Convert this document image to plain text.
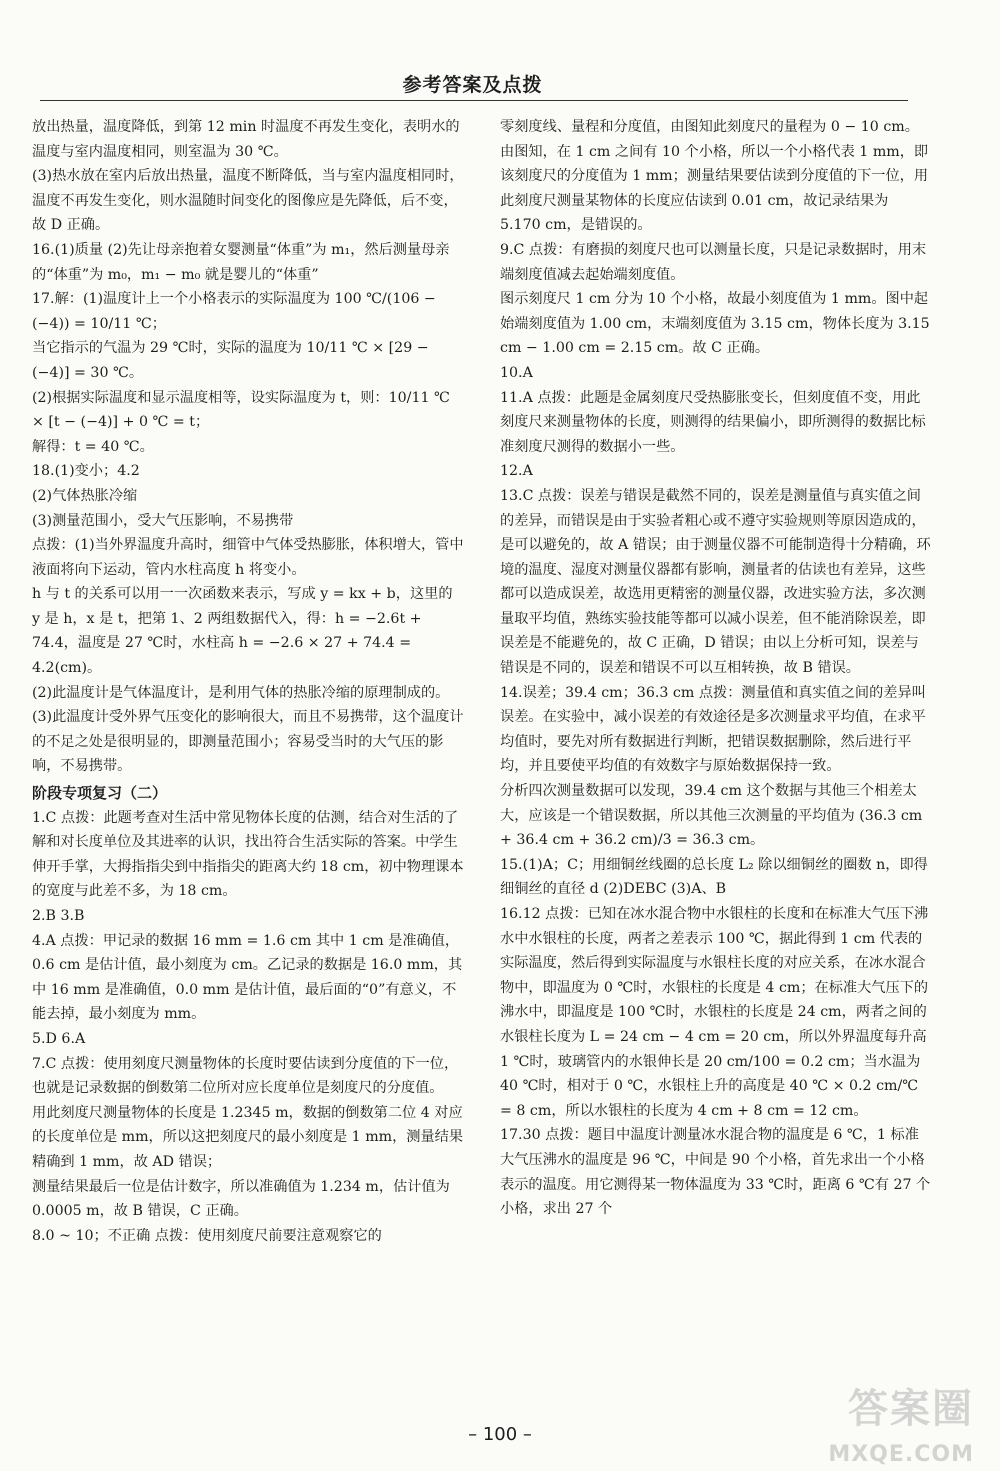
参考答案及点拨

放出热量，温度降低，到第 12 min 时温度不再发生变化，表明水的温度与室内温度相同，则室温为 30 ℃。

(3)热水放在室内后放出热量，温度不断降低，当与室内温度相同时，温度不再发生变化，则水温随时间变化的图像应是先降低，后不变，故 D 正确。

16.(1)质量 (2)先让母亲抱着女婴测量“体重”为 m₁，然后测量母亲的“体重”为 m₀，m₁ − m₀ 就是婴儿的“体重”

17.解：(1)温度计上一个小格表示的实际温度为 100 ℃/(106 − (−4)) = 10/11 ℃；

当它指示的气温为 29 ℃时，实际的温度为 10/11 ℃ × [29 − (−4)] = 30 ℃。

(2)根据实际温度和显示温度相等，设实际温度为 t，则：10/11 ℃ × [t − (−4)] + 0 ℃ = t；

解得：t = 40 ℃。

18.(1)变小；4.2

(2)气体热胀冷缩

(3)测量范围小，受大气压影响，不易携带

点拨：(1)当外界温度升高时，细管中气体受热膨胀，体积增大，管中液面将向下运动，管内水柱高度 h 将变小。

h 与 t 的关系可以用一一次函数来表示，写成 y = kx + b，这里的 y 是 h，x 是 t，把第 1、2 两组数据代入，得：h = −2.6t + 74.4，温度是 27 ℃时，水柱高 h = −2.6 × 27 + 74.4 = 4.2(cm)。

(2)此温度计是气体温度计，是利用气体的热胀冷缩的原理制成的。

(3)此温度计受外界气压变化的影响很大，而且不易携带，这个温度计的不足之处是很明显的，即测量范围小；容易受当时的大气压的影响，不易携带。

阶段专项复习（二）

1.C 点拨：此题考查对生活中常见物体长度的估测，结合对生活的了解和对长度单位及其进率的认识，找出符合生活实际的答案。中学生伸开手掌，大拇指指尖到中指指尖的距离大约 18 cm，初中物理课本的宽度与此差不多，为 18 cm。

2.B 3.B

4.A 点拨：甲记录的数据 16 mm = 1.6 cm 其中 1 cm 是准确值，0.6 cm 是估计值，最小刻度为 cm。乙记录的数据是 16.0 mm，其中 16 mm 是准确值，0.0 mm 是估计值，最后面的“0”有意义，不能去掉，最小刻度为 mm。

5.D 6.A

7.C 点拨：使用刻度尺测量物体的长度时要估读到分度值的下一位，也就是记录数据的倒数第二位所对应长度单位是刻度尺的分度值。

用此刻度尺测量物体的长度是 1.2345 m，数据的倒数第二位 4 对应的长度单位是 mm，所以这把刻度尺的最小刻度是 1 mm，测量结果精确到 1 mm，故 AD 错误；

测量结果最后一位是估计数字，所以准确值为 1.234 m，估计值为 0.0005 m，故 B 错误，C 正确。

8.0 ~ 10；不正确 点拨：使用刻度尺前要注意观察它的

零刻度线、量程和分度值，由图知此刻度尺的量程为 0 − 10 cm。由图知，在 1 cm 之间有 10 个小格，所以一个小格代表 1 mm，即该刻度尺的分度值为 1 mm；测量结果要估读到分度值的下一位，用此刻度尺测量某物体的长度应估读到 0.01 cm，故记录结果为 5.170 cm，是错误的。

9.C 点拨：有磨损的刻度尺也可以测量长度，只是记录数据时，用末端刻度值减去起始端刻度值。

图示刻度尺 1 cm 分为 10 个小格，故最小刻度值为 1 mm。图中起始端刻度值为 1.00 cm，末端刻度值为 3.15 cm，物体长度为 3.15 cm − 1.00 cm = 2.15 cm。故 C 正确。

10.A

11.A 点拨：此题是金属刻度尺受热膨胀变长，但刻度值不变，用此刻度尺来测量物体的长度，则测得的结果偏小，即所测得的数据比标准刻度尺测得的数据小一些。

12.A

13.C 点拨：误差与错误是截然不同的，误差是测量值与真实值之间的差异，而错误是由于实验者粗心或不遵守实验规则等原因造成的，是可以避免的，故 A 错误；由于测量仪器不可能制造得十分精确，环境的温度、湿度对测量仪器都有影响，测量者的估读也有差异，这些都可以造成误差，故选用更精密的测量仪器，改进实验方法，多次测量取平均值，熟练实验技能等都可以减小误差，但不能消除误差，即误差是不能避免的，故 C 正确，D 错误；由以上分析可知，误差与错误是不同的，误差和错误不可以互相转换，故 B 错误。

14.误差；39.4 cm；36.3 cm 点拨：测量值和真实值之间的差异叫误差。在实验中，减小误差的有效途径是多次测量求平均值，在求平均值时，要先对所有数据进行判断，把错误数据删除，然后进行平均，并且要使平均值的有效数字与原始数据保持一致。

分析四次测量数据可以发现，39.4 cm 这个数据与其他三个相差太大，应该是一个错误数据，所以其他三次测量的平均值为 (36.3 cm + 36.4 cm + 36.2 cm)/3 = 36.3 cm。

15.(1)A；C；用细铜丝线圈的总长度 L₂ 除以细铜丝的圈数 n，即得细铜丝的直径 d (2)DEBC (3)A、B

16.12 点拨：已知在冰水混合物中水银柱的长度和在标准大气压下沸水中水银柱的长度，两者之差表示 100 ℃，据此得到 1 cm 代表的实际温度，然后得到实际温度与水银柱长度的对应关系，在冰水混合物中，即温度为 0 ℃时，水银柱的长度是 4 cm；在标准大气压下的沸水中，即温度是 100 ℃时，水银柱的长度是 24 cm，两者之间的水银柱长度为 L = 24 cm − 4 cm = 20 cm，所以外界温度每升高 1 ℃时，玻璃管内的水银伸长是 20 cm/100 = 0.2 cm；当水温为 40 ℃时，相对于 0 ℃，水银柱上升的高度是 40 ℃ × 0.2 cm/℃ = 8 cm，所以水银柱的长度为 4 cm + 8 cm = 12 cm。

17.30 点拨：题目中温度计测量冰水混合物的温度是 6 ℃，1 标准大气压沸水的温度是 96 ℃，中间是 90 个小格，首先求出一个小格表示的温度。用它测得某一物体温度为 33 ℃时，距离 6 ℃有 27 个小格，求出 27 个

– 100 –
答案圈
MXQE.COM
